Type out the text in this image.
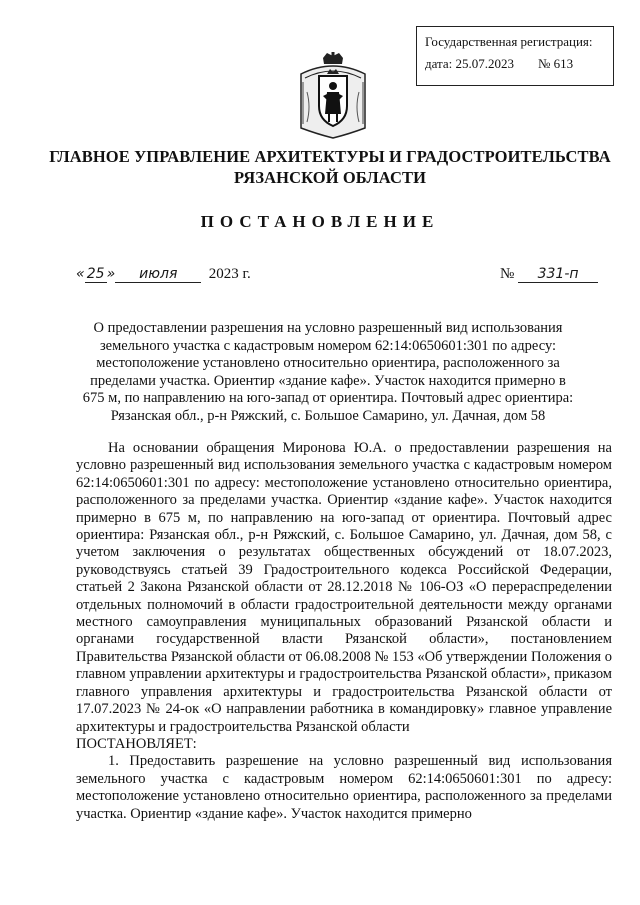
Государственная регистрация:
дата: 25.07.2023 № 613
ГЛАВНОЕ УПРАВЛЕНИЕ АРХИТЕКТУРЫ И ГРАДОСТРОИТЕЛЬСТВА
РЯЗАНСКОЙ ОБЛАСТИ
ПОСТАНОВЛЕНИЕ
« 25 » июля 2023 г.	№ 331-п
О предоставлении разрешения на условно разрешенный вид использования земельного участка с кадастровым номером 62:14:0650601:301 по адресу: местоположение установлено относительно ориентира, расположенного за пределами участка. Ориентир «здание кафе». Участок находится примерно в 675 м, по направлению на юго-запад от ориентира. Почтовый адрес ориентира: Рязанская обл., р-н Ряжский, с. Большое Самарино, ул. Дачная, дом 58

На основании обращения Миронова Ю.А. о предоставлении разрешения на условно разрешенный вид использования земельного участка с кадастровым номером 62:14:0650601:301 по адресу: местоположение установлено относительно ориентира, расположенного за пределами участка. Ориентир «здание кафе». Участок находится примерно в 675 м, по направлению на юго-запад от ориентира. Почтовый адрес ориентира: Рязанская обл., р-н Ряжский, с. Большое Самарино, ул. Дачная, дом 58, с учетом заключения о результатах общественных обсуждений от 18.07.2023, руководствуясь статьей 39 Градостроительного кодекса Российской Федерации, статьей 2 Закона Рязанской области от 28.12.2018 № 106-ОЗ «О перераспределении отдельных полномочий в области градостроительной деятельности между органами местного самоуправления муниципальных образований Рязанской области и органами государственной власти Рязанской области», постановлением Правительства Рязанской области от 06.08.2008 № 153 «Об утверждении Положения о главном управлении архитектуры и градостроительства Рязанской области», приказом главного управления архитектуры и градостроительства Рязанской области от 17.07.2023 № 24-ок «О направлении работника в командировку» главное управление архитектуры и градостроительства Рязанской области

ПОСТАНОВЛЯЕТ:

1. Предоставить разрешение на условно разрешенный вид использования земельного участка с кадастровым номером 62:14:0650601:301 по адресу: местоположение установлено относительно ориентира, расположенного за пределами участка. Ориентир «здание кафе». Участок находится примерно
